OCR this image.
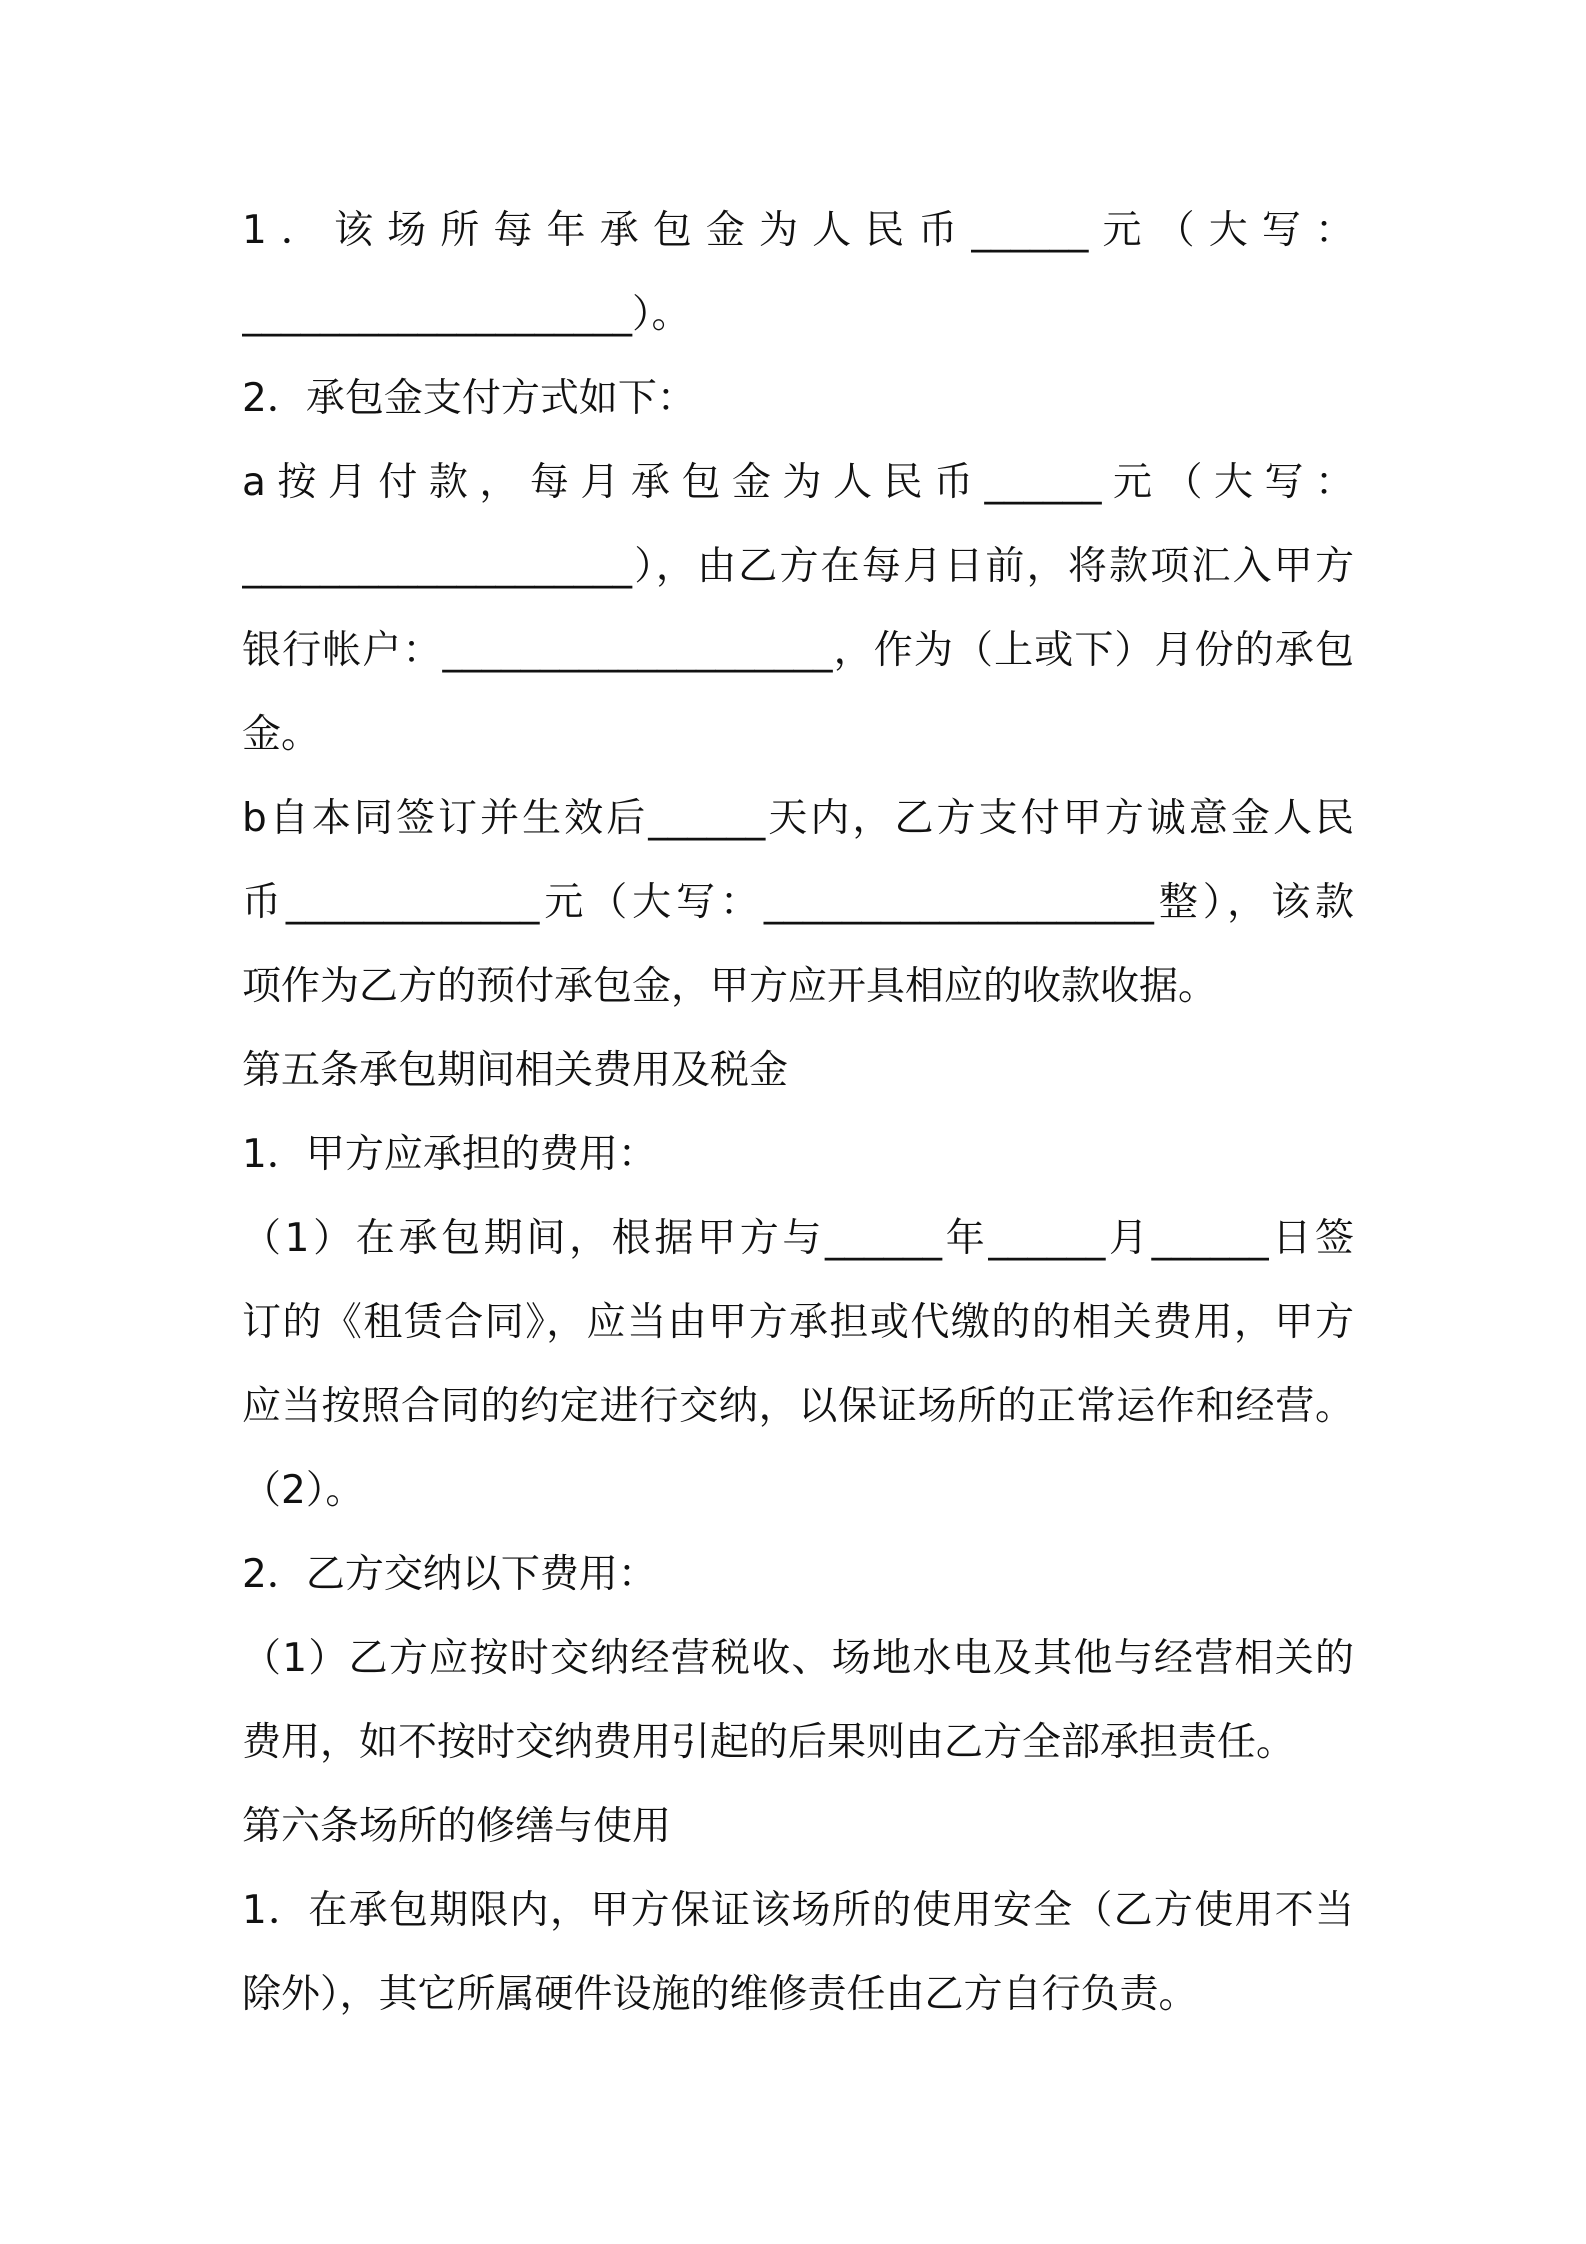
1．该场所每年承包金为人民币______元（大写：
____________________）。
2．承包金支付方式如下：
a按月付款，每月承包金为人民币______元（大写：
____________________），由乙方在每月日前，将款项汇入甲方
银行帐户：____________________，作为（上或下）月份的承包
金。
b自本同签订并生效后______天内，乙方支付甲方诚意金人民
币_____________元（大写：____________________整），该款
项作为乙方的预付承包金，甲方应开具相应的收款收据。
第五条承包期间相关费用及税金
1．甲方应承担的费用：
（1）在承包期间，根据甲方与______年______月______日签
订的《租赁合同》，应当由甲方承担或代缴的的相关费用，甲方
应当按照合同的约定进行交纳，以保证场所的正常运作和经营。
（2）。
2．乙方交纳以下费用：
（1）乙方应按时交纳经营税收、场地水电及其他与经营相关的
费用，如不按时交纳费用引起的后果则由乙方全部承担责任。
第六条场所的修缮与使用
1．在承包期限内，甲方保证该场所的使用安全（乙方使用不当
除外），其它所属硬件设施的维修责任由乙方自行负责。
